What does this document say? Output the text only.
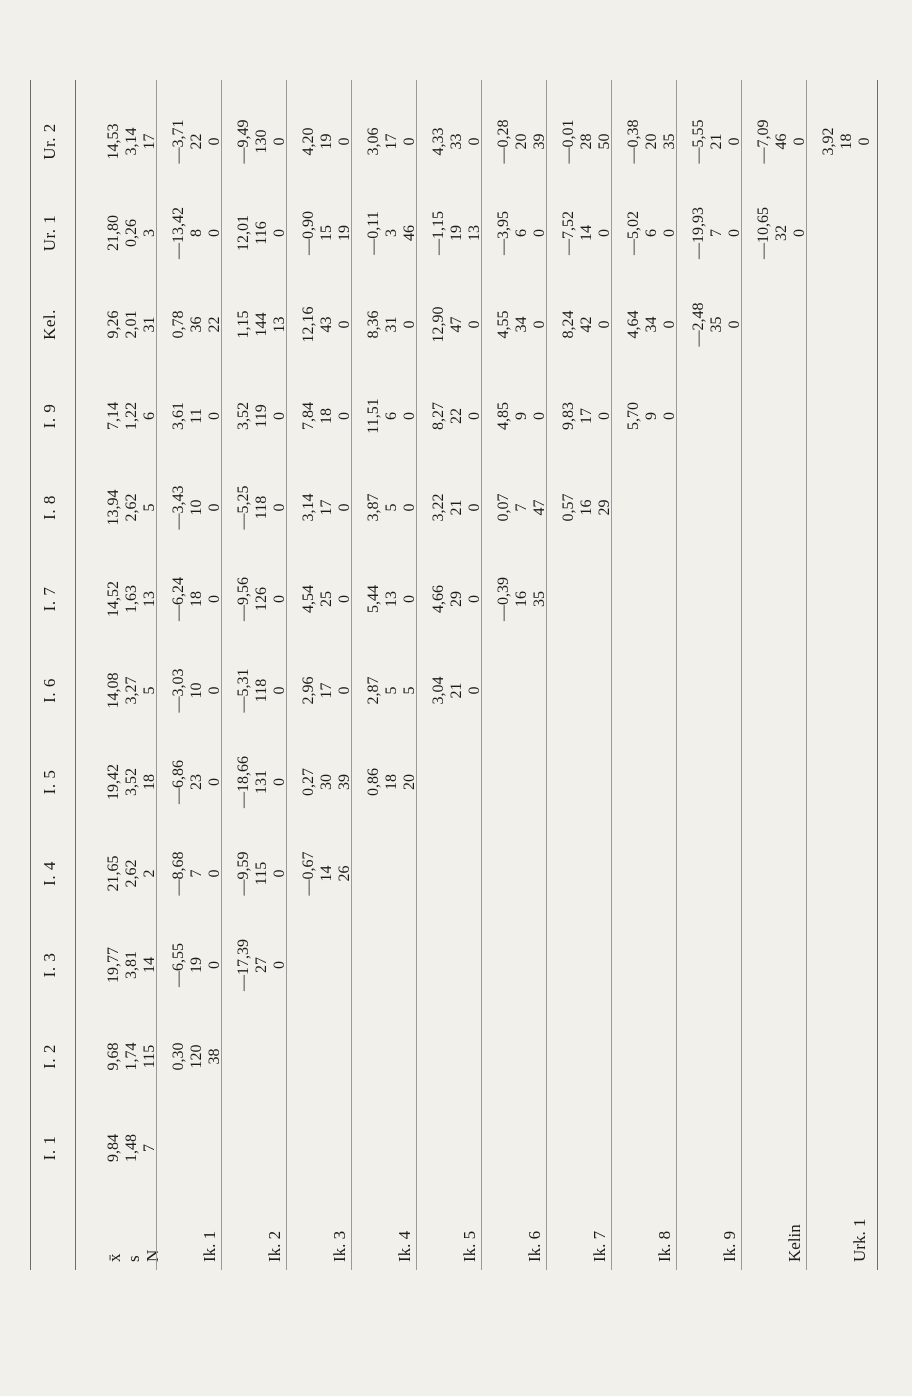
I. 1
I. 2
I. 3
I. 4
I. 5
I. 6
I. 7
I. 8
I. 9
Kel.
Ur. 1
Ur. 2
x̄ s N
9,84 1,48 7
9,68 1,74 115
19,77 3,81 14
21,65 2,62 2
19,42 3,52 18
14,08 3,27 5
14,52 1,63 13
13,94 2,62 5
7,14 1,22 6
9,26 2,01 31
21,80 0,26 3
14,53 3,14 17
Ik. 1
0,30 120 38
—6,55 19 0
—8,68 7 0
—6,86 23 0
—3,03 10 0
—6,24 18 0
—3,43 10 0
3,61 11 0
0,78 36 22
—13,42 8 0
—3,71 22 0
Ik. 2
—17,39 27 0
—9,59 115 0
—18,66 131 0
—5,31 118 0
—9,56 126 0
—5,25 118 0
3,52 119 0
1,15 144 13
12,01 116 0
—9,49 130 0
Ik. 3
—0,67 14 26
0,27 30 39
2,96 17 0
4,54 25 0
3,14 17 0
7,84 18 0
12,16 43 0
—0,90 15 19
4,20 19 0
Ik. 4
0,86 18 20
2,87 5 5
5,44 13 0
3,87 5 0
11,51 6 0
8,36 31 0
—0,11 3 46
3,06 17 0
Ik. 5
3,04 21 0
4,66 29 0
3,22 21 0
8,27 22 0
12,90 47 0
—1,15 19 13
4,33 33 0
Ik. 6
—0,39 16 35
0,07 7 47
4,85 9 0
4,55 34 0
—3,95 6 0
—0,28 20 39
Ik. 7
0,57 16 29
9,83 17 0
8,24 42 0
—7,52 14 0
—0,01 28 50
Ik. 8
5,70 9 0
4,64 34 0
—5,02 6 0
—0,38 20 35
Ik. 9
—2,48 35 0
—19,93 7 0
—5,55 21 0
Kelin
—10,65 32 0
—7,09 46 0
Urk. 1
3,92 18 0
